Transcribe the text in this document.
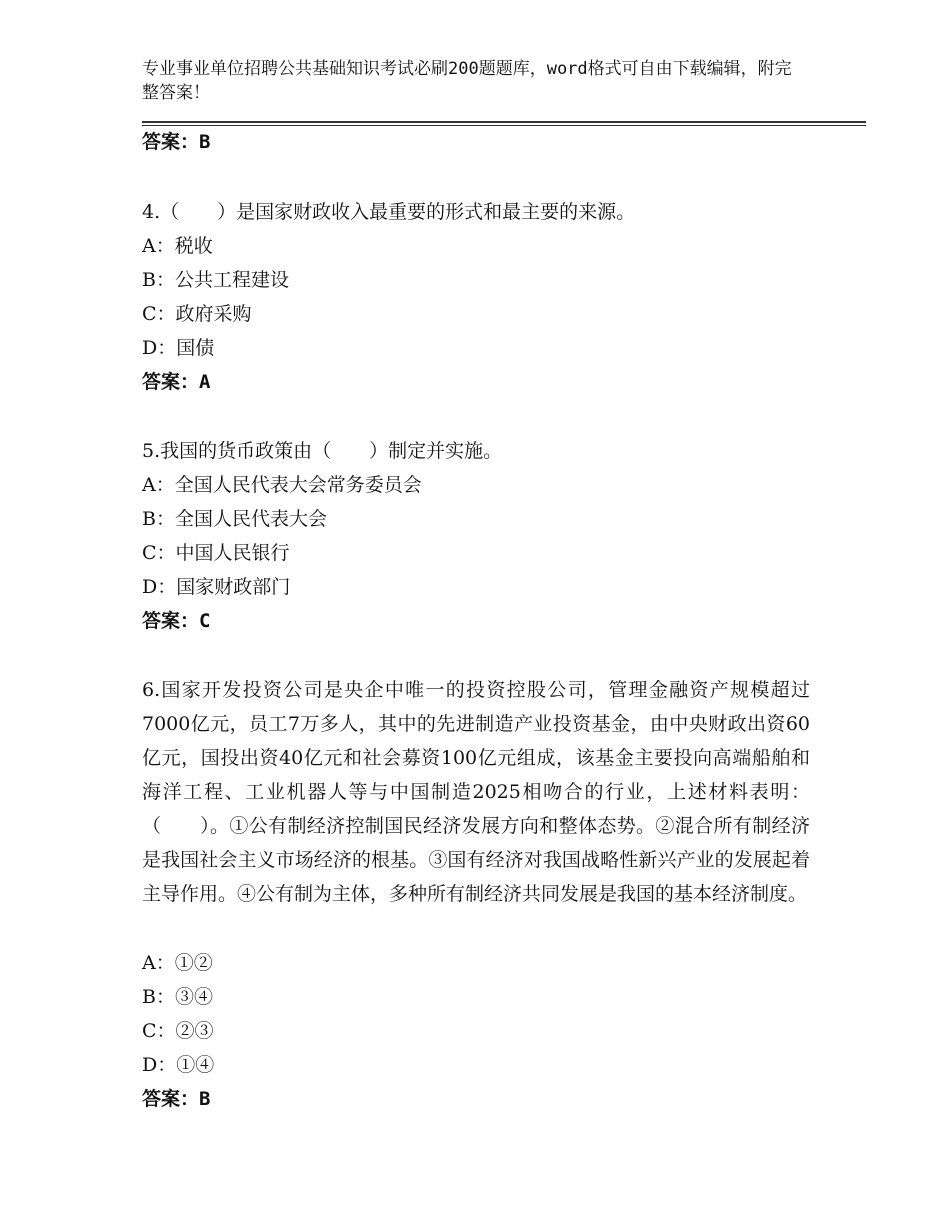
专业事业单位招聘公共基础知识考试必刷200题题库，word格式可自由下载编辑，附完整答案！
答案：B
4.（　　）是国家财政收入最重要的形式和最主要的来源。
A：税收
B：公共工程建设
C：政府采购
D：国债
答案：A
5.我国的货币政策由（　　）制定并实施。
A：全国人民代表大会常务委员会
B：全国人民代表大会
C：中国人民银行
D：国家财政部门
答案：C
6.国家开发投资公司是央企中唯一的投资控股公司，管理金融资产规模超过7000亿元，员工7万多人，其中的先进制造产业投资基金，由中央财政出资60亿元，国投出资40亿元和社会募资100亿元组成，该基金主要投向高端船舶和海洋工程、工业机器人等与中国制造2025相吻合的行业，上述材料表明：（　　）。①公有制经济控制国民经济发展方向和整体态势。②混合所有制经济是我国社会主义市场经济的根基。③国有经济对我国战略性新兴产业的发展起着主导作用。④公有制为主体，多种所有制经济共同发展是我国的基本经济制度。
A：①②
B：③④
C：②③
D：①④
答案：B
